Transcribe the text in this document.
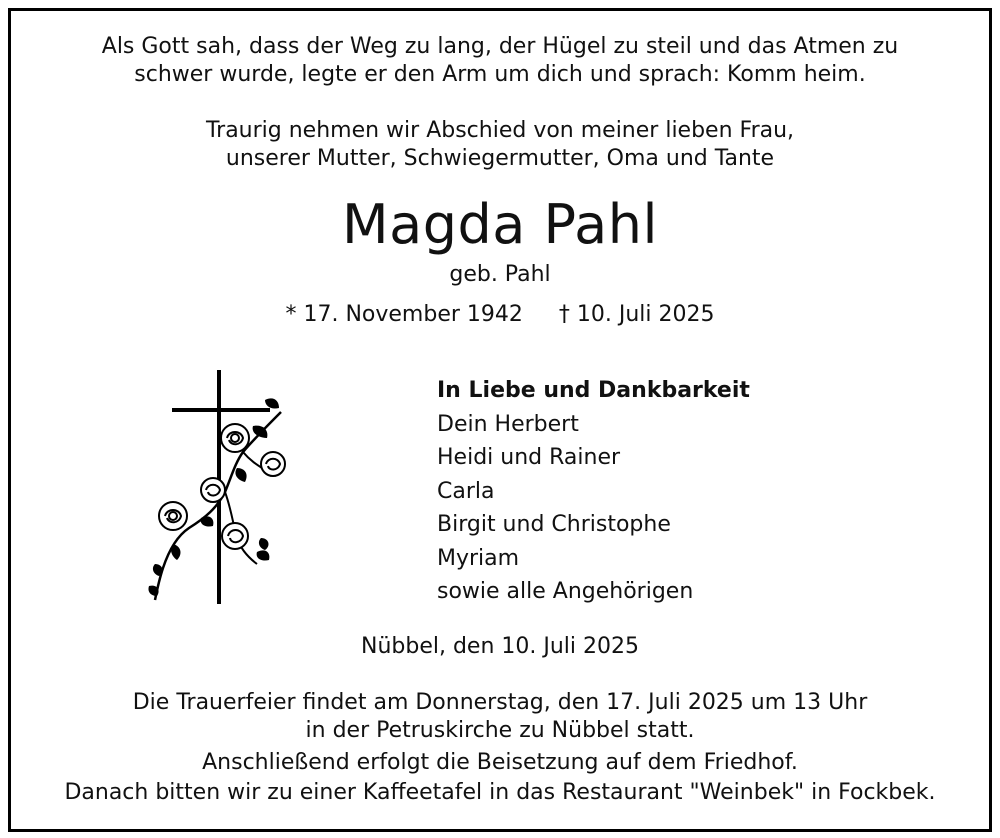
Als Gott sah, dass der Weg zu lang, der Hügel zu steil und das Atmen zu
schwer wurde, legte er den Arm um dich und sprach: Komm heim.
Traurig nehmen wir Abschied von meiner lieben Frau,
unserer Mutter, Schwiegermutter, Oma und Tante
Magda Pahl
geb. Pahl
* 17. November 1942 † 10. Juli 2025
In Liebe und Dankbarkeit
Dein Herbert
Heidi und Rainer
Carla
Birgit und Christophe
Myriam
sowie alle Angehörigen
Nübbel, den 10. Juli 2025
Die Trauerfeier findet am Donnerstag, den 17. Juli 2025 um 13 Uhr
in der Petruskirche zu Nübbel statt.
Anschließend erfolgt die Beisetzung auf dem Friedhof.
Danach bitten wir zu einer Kaffeetafel in das Restaurant "Weinbek" in Fockbek.
